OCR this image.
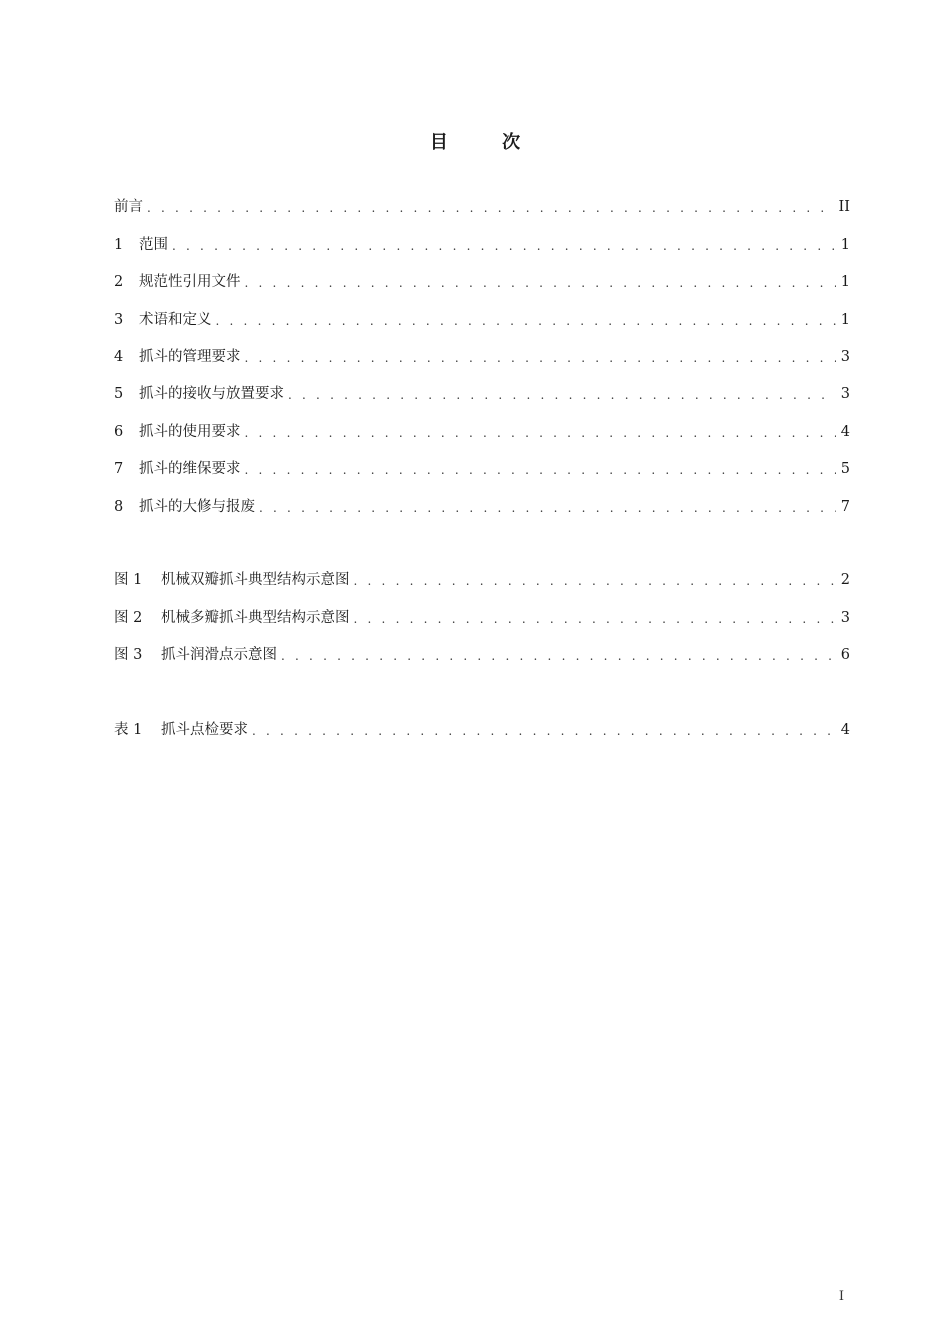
目 次
前言 . . .	II
1	范围 . . .	1
2	规范性引用文件 . . .	1
3	术语和定义 . . .	1
4	抓斗的管理要求 . . .	3
5	抓斗的接收与放置要求 . . .	3
6	抓斗的使用要求 . . .	4
7	抓斗的维保要求 . . .	5
8	抓斗的大修与报废 . . .	7
图 1	机械双瓣抓斗典型结构示意图 . . .	2
图 2	机械多瓣抓斗典型结构示意图 . . .	3
图 3	抓斗润滑点示意图 . . .	6
表 1	抓斗点检要求 . . .	4
I
